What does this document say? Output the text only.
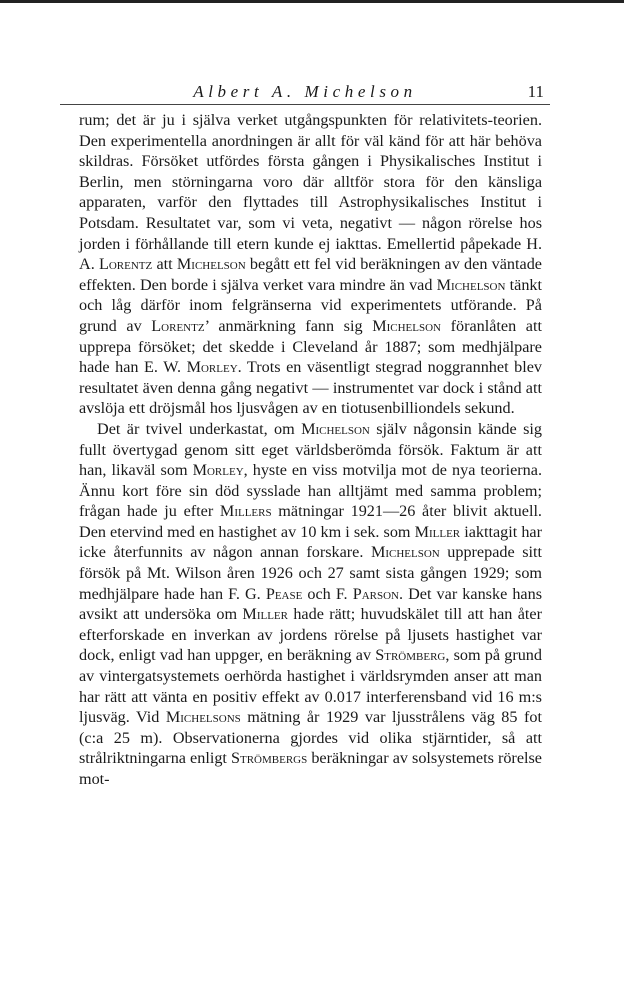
Albert A. Michelson	11

rum; det är ju i själva verket utgångspunkten för relativitets-teorien. Den experimentella anordningen är allt för väl känd för att här behöva skildras. Försöket utfördes första gången i Physikalisches Institut i Berlin, men störningarna voro där alltför stora för den känsliga apparaten, varför den flyttades till Astrophysikalisches Institut i Potsdam. Resultatet var, som vi veta, negativt — någon rörelse hos jorden i förhållande till etern kunde ej iakttas. Emellertid påpekade H. A. Lorentz att Michelson begått ett fel vid beräkningen av den väntade effekten. Den borde i själva verket vara mindre än vad Michelson tänkt och låg därför inom felgränserna vid experimentets utförande. På grund av Lorentz’ anmärkning fann sig Michelson föranlåten att upprepa försöket; det skedde i Cleveland år 1887; som medhjälpare hade han E. W. Morley. Trots en väsentligt stegrad noggrannhet blev resultatet även denna gång negativt — instrumentet var dock i stånd att avslöja ett dröjsmål hos ljusvågen av en tiotusenbilliondels sekund.

Det är tvivel underkastat, om Michelson själv någonsin kände sig fullt övertygad genom sitt eget världsberömda försök. Faktum är att han, likaväl som Morley, hyste en viss motvilja mot de nya teorierna. Ännu kort före sin död sysslade han alltjämt med samma problem; frågan hade ju efter Millers mätningar 1921—26 åter blivit aktuell. Den etervind med en hastighet av 10 km i sek. som Miller iakttagit har icke återfunnits av någon annan forskare. Michelson upprepade sitt försök på Mt. Wilson åren 1926 och 27 samt sista gången 1929; som medhjälpare hade han F. G. Pease och F. Parson. Det var kanske hans avsikt att undersöka om Miller hade rätt; huvudskälet till att han åter efterforskade en inverkan av jordens rörelse på ljusets hastighet var dock, enligt vad han uppger, en beräkning av Strömberg, som på grund av vintergatsystemets oerhörda hastighet i världsrymden anser att man har rätt att vänta en positiv effekt av 0.017 interferensband vid 16 m:s ljusväg. Vid Michelsons mätning år 1929 var ljusstrålens väg 85 fot (c:a 25 m). Observationerna gjordes vid olika stjärntider, så att strålriktningarna enligt Strömbergs beräkningar av solsystemets rörelse mot-
